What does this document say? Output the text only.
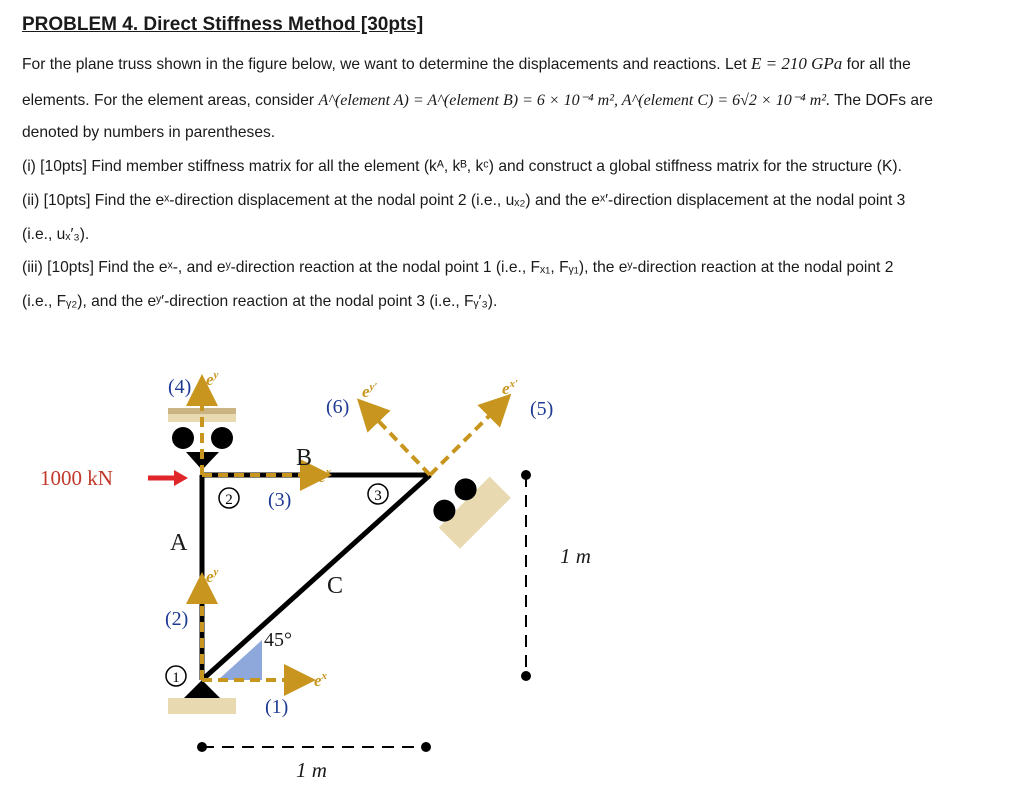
PROBLEM 4. Direct Stiffness Method [30pts]
For the plane truss shown in the figure below, we want to determine the displacements and reactions. Let E = 210 GPa for all the
elements. For the element areas, consider A^(element A) = A^(element B) = 6 × 10⁻⁴ m², A^(element C) = 6√2 × 10⁻⁴ m². The DOFs are
denoted by numbers in parentheses.
(i) [10pts] Find member stiffness matrix for all the element (kᴬ, kᴮ, kᶜ) and construct a global stiffness matrix for the structure (K).
(ii) [10pts] Find the eˣ-direction displacement at the nodal point 2 (i.e., uₓ₂) and the eˣ′-direction displacement at the nodal point 3
(i.e., uₓ′₃).
(iii) [10pts] Find the eˣ-, and eʸ-direction reaction at the nodal point 1 (i.e., Fₓ₁, Fᵧ₁), the eʸ-direction reaction at the nodal point 2
(i.e., Fᵧ₂), and the eʸ′-direction reaction at the nodal point 3 (i.e., Fᵧ′₃).
1000 kN
A
B
C
1
2	3
(1)
(2)
(3)
(4)
(5)
(6)
$e^y$
$e^y$
$e^x$
$e^x$
$e^{y'}$	$e^{x'}$
45°
1 m
1 m
